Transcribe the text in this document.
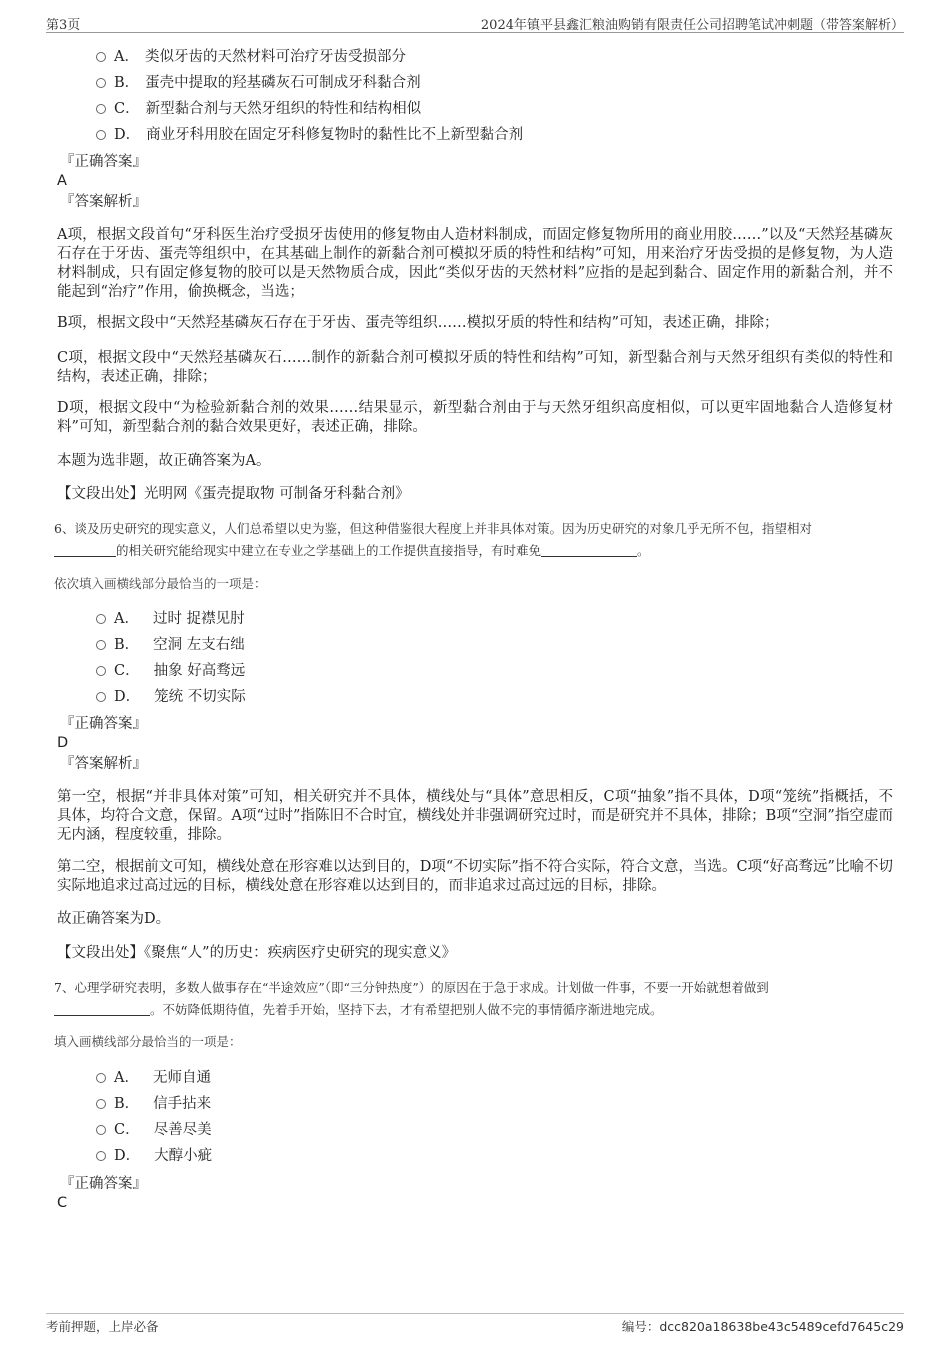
第3页	2024年镇平县鑫汇粮油购销有限责任公司招聘笔试冲刺题（带答案解析）
A． 类似牙齿的天然材料可治疗牙齿受损部分
B． 蛋壳中提取的羟基磷灰石可制成牙科黏合剂
C． 新型黏合剂与天然牙组织的特性和结构相似
D． 商业牙科用胶在固定牙科修复物时的黏性比不上新型黏合剂
『正确答案』
A
『答案解析』
A项，根据文段首句“牙科医生治疗受损牙齿使用的修复物由人造材料制成，而固定修复物所用的商业用胶……”以及“天然羟基磷灰石存在于牙齿、蛋壳等组织中，在其基础上制作的新黏合剂可模拟牙质的特性和结构”可知，用来治疗牙齿受损的是修复物，为人造材料制成，只有固定修复物的胶可以是天然物质合成，因此“类似牙齿的天然材料”应指的是起到黏合、固定作用的新黏合剂，并不能起到“治疗”作用，偷换概念，当选；
B项，根据文段中“天然羟基磷灰石存在于牙齿、蛋壳等组织……模拟牙质的特性和结构”可知，表述正确，排除；
C项，根据文段中“天然羟基磷灰石……制作的新黏合剂可模拟牙质的特性和结构”可知，新型黏合剂与天然牙组织有类似的特性和结构，表述正确，排除；
D项，根据文段中“为检验新黏合剂的效果……结果显示，新型黏合剂由于与天然牙组织高度相似，可以更牢固地黏合人造修复材料”可知，新型黏合剂的黏合效果更好，表述正确，排除。
本题为选非题，故正确答案为A。
【文段出处】光明网《蛋壳提取物 可制备牙科黏合剂》
6、谈及历史研究的现实意义，人们总希望以史为鉴，但这种借鉴很大程度上并非具体对策。因为历史研究的对象几乎无所不包，指望相对
的相关研究能给现实中建立在专业之学基础上的工作提供直接指导，有时难免	。
依次填入画横线部分最恰当的一项是：
A． 过时 捉襟见肘
B． 空洞 左支右绌
C． 抽象 好高骛远
D． 笼统 不切实际
『正确答案』
D
『答案解析』
第一空，根据“并非具体对策”可知，相关研究并不具体，横线处与“具体”意思相反，C项“抽象”指不具体，D项“笼统”指概括，不具体，均符合文意，保留。A项“过时”指陈旧不合时宜，横线处并非强调研究过时，而是研究并不具体，排除；B项“空洞”指空虚而无内涵，程度较重，排除。
第二空，根据前文可知，横线处意在形容难以达到目的，D项“不切实际”指不符合实际，符合文意，当选。C项“好高骛远”比喻不切实际地追求过高过远的目标，横线处意在形容难以达到目的，而非追求过高过远的目标，排除。
故正确答案为D。
【文段出处】《聚焦“人”的历史：疾病医疗史研究的现实意义》
7、心理学研究表明，多数人做事存在“半途效应”（即“三分钟热度”）的原因在于急于求成。计划做一件事，不要一开始就想着做到
。不妨降低期待值，先着手开始，坚持下去，才有希望把别人做不完的事情循序渐进地完成。
填入画横线部分最恰当的一项是：
A． 无师自通
B． 信手拈来
C． 尽善尽美
D． 大醇小疵
『正确答案』
C
考前押题，上岸必备	编号：dcc820a18638be43c5489cefd7645c29
